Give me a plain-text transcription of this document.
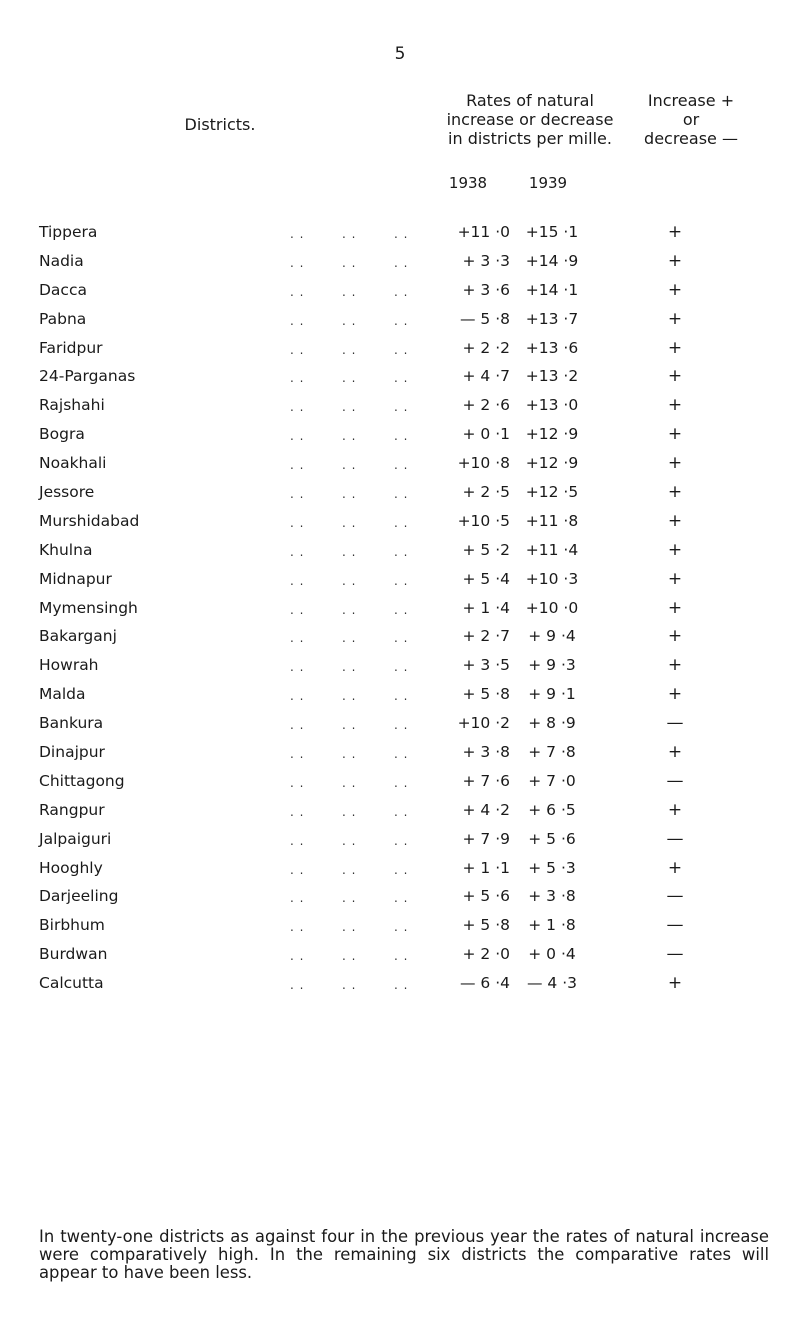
5
Districts.
Rates of natural
increase or decrease
in districts per mille.
Increase +
or
decrease —
1938	1939
Tippera	. .	. .	. .	+11 ·0	+15 ·1	+
Nadia	. .	. .	. .	+ 3 ·3	+14 ·9	+
Dacca	. .	. .	. .	+ 3 ·6	+14 ·1	+
Pabna	. .	. .	. .	— 5 ·8	+13 ·7	+
Faridpur	. .	. .	. .	+ 2 ·2	+13 ·6	+
24-Parganas	. .	. .	. .	+ 4 ·7	+13 ·2	+
Rajshahi	. .	. .	. .	+ 2 ·6	+13 ·0	+
Bogra	. .	. .	. .	+ 0 ·1	+12 ·9	+
Noakhali	. .	. .	. .	+10 ·8	+12 ·9	+
Jessore	. .	. .	. .	+ 2 ·5	+12 ·5	+
Murshidabad	. .	. .	. .	+10 ·5	+11 ·8	+
Khulna	. .	. .	. .	+ 5 ·2	+11 ·4	+
Midnapur	. .	. .	. .	+ 5 ·4	+10 ·3	+
Mymensingh	. .	. .	. .	+ 1 ·4	+10 ·0	+
Bakarganj	. .	. .	. .	+ 2 ·7	+ 9 ·4	+
Howrah	. .	. .	. .	+ 3 ·5	+ 9 ·3	+
Malda	. .	. .	. .	+ 5 ·8	+ 9 ·1	+
Bankura	. .	. .	. .	+10 ·2	+ 8 ·9	—
Dinajpur	. .	. .	. .	+ 3 ·8	+ 7 ·8	+
Chittagong	. .	. .	. .	+ 7 ·6	+ 7 ·0	—
Rangpur	. .	. .	. .	+ 4 ·2	+ 6 ·5	+
Jalpaiguri	. .	. .	. .	+ 7 ·9	+ 5 ·6	—
Hooghly	. .	. .	. .	+ 1 ·1	+ 5 ·3	+
Darjeeling	. .	. .	. .	+ 5 ·6	+ 3 ·8	—
Birbhum	. .	. .	. .	+ 5 ·8	+ 1 ·8	—
Burdwan	. .	. .	. .	+ 2 ·0	+ 0 ·4	—
Calcutta	. .	. .	. .	— 6 ·4	— 4 ·3	+
In twenty-one districts as against four in the previous year the rates of natural increase were comparatively high. In the remaining six districts the comparative rates will appear to have been less.
